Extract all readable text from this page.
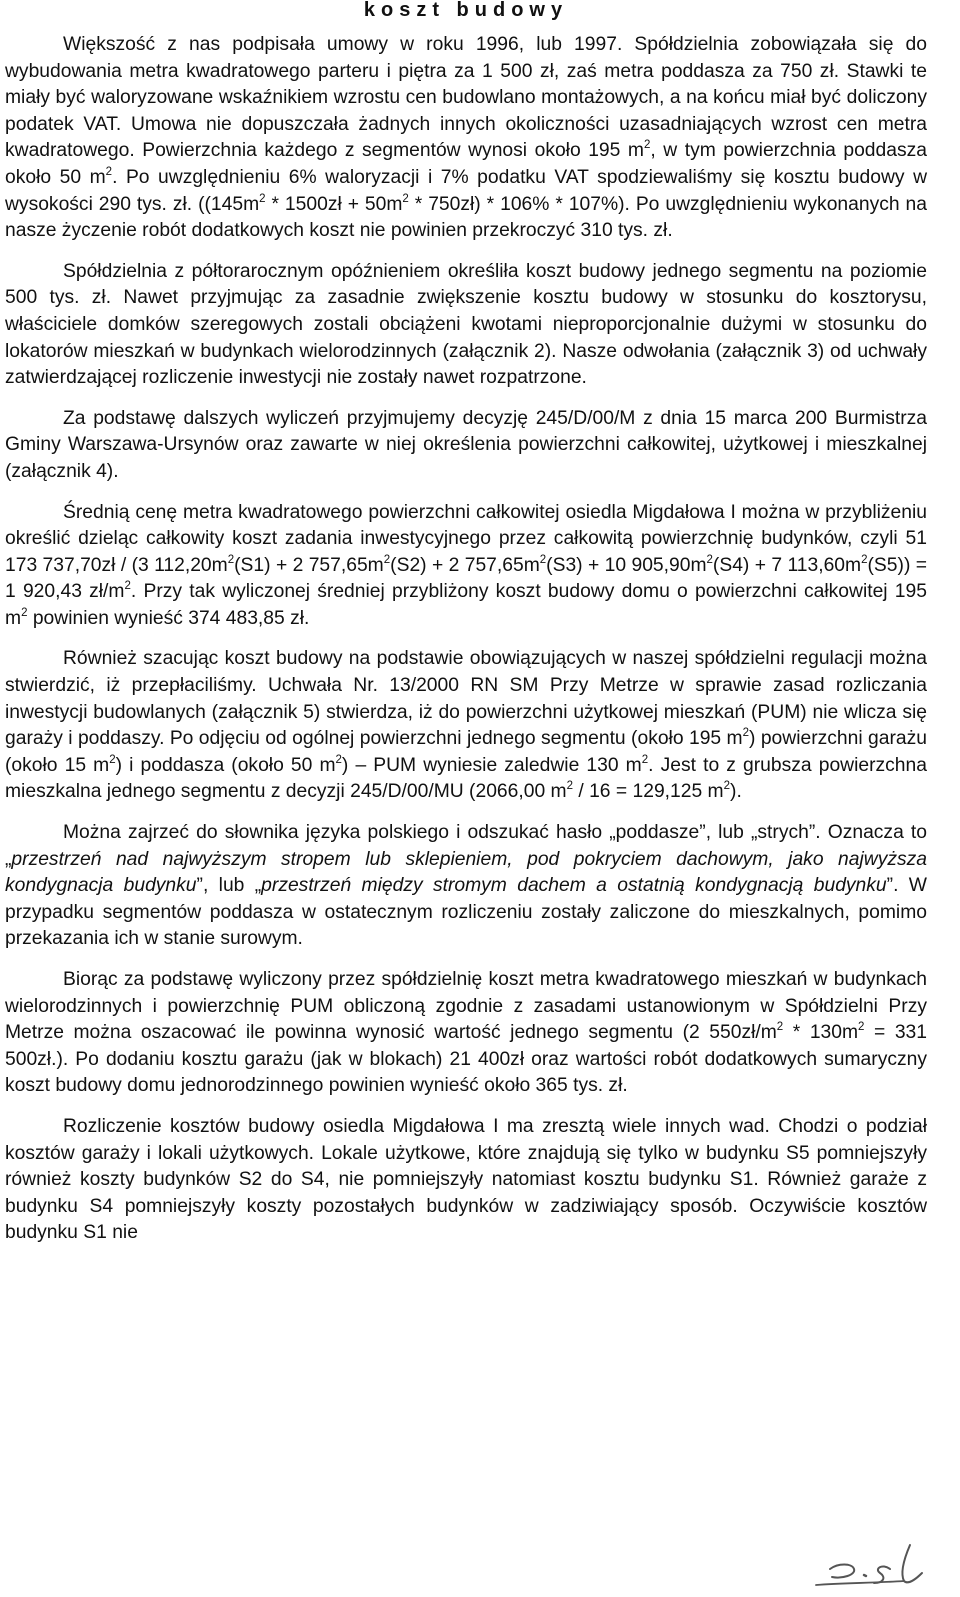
koszt budowy

Większość z nas podpisała umowy w roku 1996, lub 1997. Spółdzielnia zobowiązała się do wybudowania metra kwadratowego parteru i piętra za 1 500 zł, zaś metra poddasza za 750 zł. Stawki te miały być waloryzowane wskaźnikiem wzrostu cen budowlano montażowych, a na końcu miał być doliczony podatek VAT. Umowa nie dopuszczała żadnych innych okoliczności uzasadniających wzrost cen metra kwadratowego. Powierzchnia każdego z segmentów wynosi około 195 $m^2$, w tym powierzchnia poddasza około 50 $m^2$. Po uwzględnieniu 6% waloryzacji i 7% podatku VAT spodziewaliśmy się kosztu budowy w wysokości 290 tys. zł. (($145m^2$ * 1500zł + $50m^2$ * 750zł) * 106% * 107%). Po uwzględnieniu wykonanych na nasze życzenie robót dodatkowych koszt nie powinien przekroczyć 310 tys. zł.

Spółdzielnia z półtorarocznym opóźnieniem określiła koszt budowy jednego segmentu na poziomie 500 tys. zł. Nawet przyjmując za zasadnie zwiększenie kosztu budowy w stosunku do kosztorysu, właściciele domków szeregowych zostali obciążeni kwotami nieproporcjonalnie dużymi w stosunku do lokatorów mieszkań w budynkach wielorodzinnych (załącznik 2). Nasze odwołania (załącznik 3) od uchwały zatwierdzającej rozliczenie inwestycji nie zostały nawet rozpatrzone.

Za podstawę dalszych wyliczeń przyjmujemy decyzję 245/D/00/M z dnia 15 marca 200 Burmistrza Gminy Warszawa-Ursynów oraz zawarte w niej określenia powierzchni całkowitej, użytkowej i mieszkalnej (załącznik 4).

Średnią cenę metra kwadratowego powierzchni całkowitej osiedla Migdałowa I można w przybliżeniu określić dzieląc całkowity koszt zadania inwestycyjnego przez całkowitą powierzchnię budynków, czyli 51 173 737,70zł / (3 $112,20m^2(S1) + 2$ $757,65m^2(S2) + 2$ $757,65m^2(S3) + 10$ $905,90m^2(S4) + 7$ $113,60m^2(S5)) = 1$ 920,43 $zł/m^2$. Przy tak wyliczonej średniej przybliżony koszt budowy domu o powierzchni całkowitej 195 $m^2$ powinien wynieść 374 483,85 zł.

Również szacując koszt budowy na podstawie obowiązujących w naszej spółdzielni regulacji można stwierdzić, iż przepłaciliśmy. Uchwała Nr. 13/2000 RN SM Przy Metrze w sprawie zasad rozliczania inwestycji budowlanych (załącznik 5) stwierdza, iż do powierzchni użytkowej mieszkań (PUM) nie wlicza się garaży i poddaszy. Po odjęciu od ogólnej powierzchni jednego segmentu (około 195 $m^2$) powierzchni garażu (około 15 $m^2$) i poddasza (około 50 $m^2$) – PUM wyniesie zaledwie 130 $m^2$. Jest to z grubsza powierzchna mieszkalna jednego segmentu z decyzji 245/D/00/MU (2066,00 $m^2 / 16 = 129,125$ $m^2$).

Można zajrzeć do słownika języka polskiego i odszukać hasło „poddasze”, lub „strych”. Oznacza to „przestrzeń nad najwyższym stropem lub sklepieniem, pod pokryciem dachowym, jako najwyższa kondygnacja budynku”, lub „przestrzeń między stromym dachem a ostatnią kondygnacją budynku”. W przypadku segmentów poddasza w ostatecznym rozliczeniu zostały zaliczone do mieszkalnych, pomimo przekazania ich w stanie surowym.

Biorąc za podstawę wyliczony przez spółdzielnię koszt metra kwadratowego mieszkań w budynkach wielorodzinnych i powierzchnię PUM obliczoną zgodnie z zasadami ustanowionym w Spółdzielni Przy Metrze można oszacować ile powinna wynosić wartość jednego segmentu (2 $550zł/m^2 * 130m^2 = 331$ 500zł.). Po dodaniu kosztu garażu (jak w blokach) 21 400zł oraz wartości robót dodatkowych sumaryczny koszt budowy domu jednorodzinnego powinien wynieść około 365 tys. zł.

Rozliczenie kosztów budowy osiedla Migdałowa I ma zresztą wiele innych wad. Chodzi o podział kosztów garaży i lokali użytkowych. Lokale użytkowe, które znajdują się tylko w budynku S5 pomniejszyły również koszty budynków S2 do S4, nie pomniejszyły natomiast kosztu budynku S1. Również garaże z budynku S4 pomniejszyły koszty pozostałych budynków w zadziwiający sposób. Oczywiście kosztów budynku S1 nie
